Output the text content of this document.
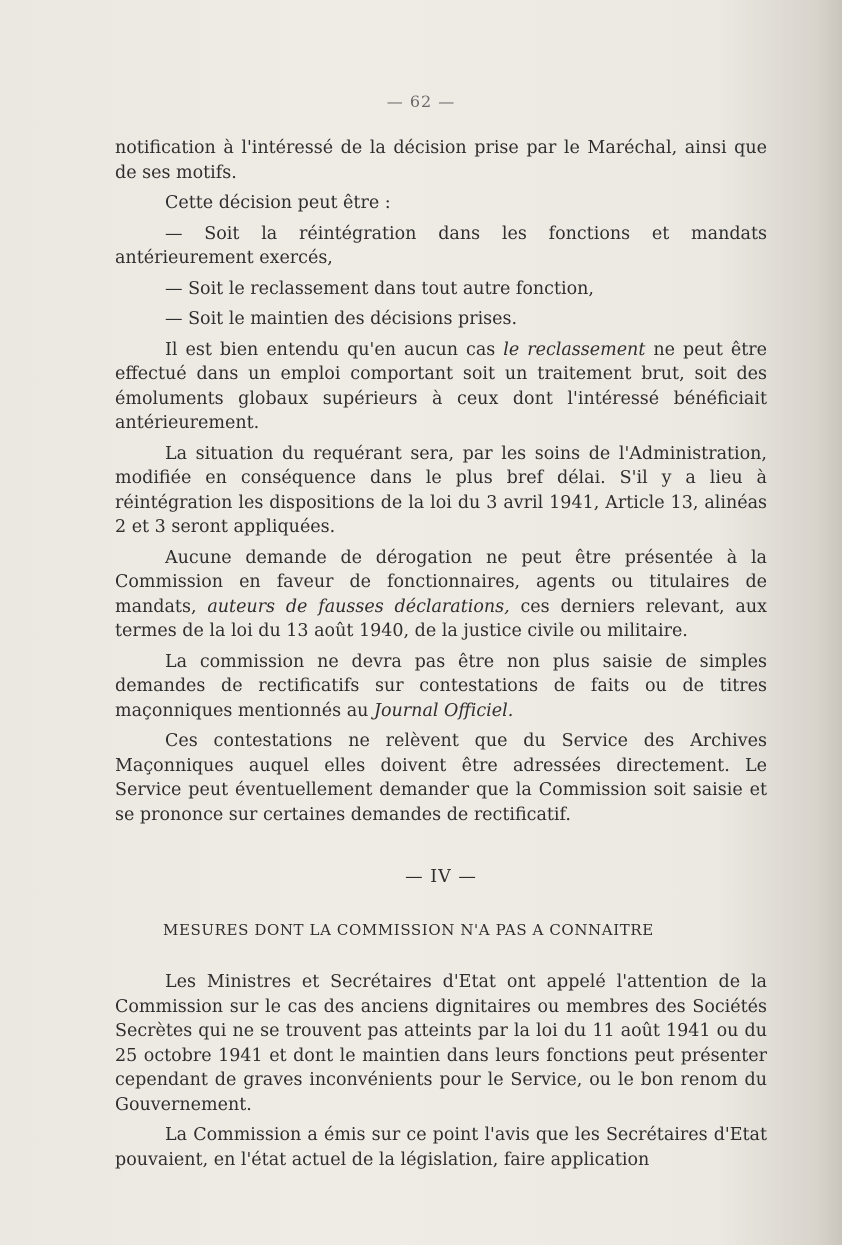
— 62 —

notification à l'intéressé de la décision prise par le Maréchal, ainsi que de ses motifs.

Cette décision peut être :

— Soit la réintégration dans les fonctions et mandats antérieurement exercés,

— Soit le reclassement dans tout autre fonction,

— Soit le maintien des décisions prises.

Il est bien entendu qu'en aucun cas le reclassement ne peut être effectué dans un emploi comportant soit un traitement brut, soit des émoluments globaux supérieurs à ceux dont l'intéressé bénéficiait antérieurement.

La situation du requérant sera, par les soins de l'Administration, modifiée en conséquence dans le plus bref délai. S'il y a lieu à réintégration les dispositions de la loi du 3 avril 1941, Article 13, alinéas 2 et 3 seront appliquées.

Aucune demande de dérogation ne peut être présentée à la Commission en faveur de fonctionnaires, agents ou titulaires de mandats, auteurs de fausses déclarations, ces derniers relevant, aux termes de la loi du 13 août 1940, de la justice civile ou militaire.

La commission ne devra pas être non plus saisie de simples demandes de rectificatifs sur contestations de faits ou de titres maçonniques mentionnés au Journal Officiel.

Ces contestations ne relèvent que du Service des Archives Maçonniques auquel elles doivent être adressées directement. Le Service peut éventuellement demander que la Commission soit saisie et se prononce sur certaines demandes de rectificatif.

— IV —
MESURES DONT LA COMMISSION N'A PAS A CONNAITRE

Les Ministres et Secrétaires d'Etat ont appelé l'attention de la Commission sur le cas des anciens dignitaires ou membres des Sociétés Secrètes qui ne se trouvent pas atteints par la loi du 11 août 1941 ou du 25 octobre 1941 et dont le maintien dans leurs fonctions peut présenter cependant de graves inconvénients pour le Service, ou le bon renom du Gouvernement.

La Commission a émis sur ce point l'avis que les Secrétaires d'Etat pouvaient, en l'état actuel de la législation, faire application
